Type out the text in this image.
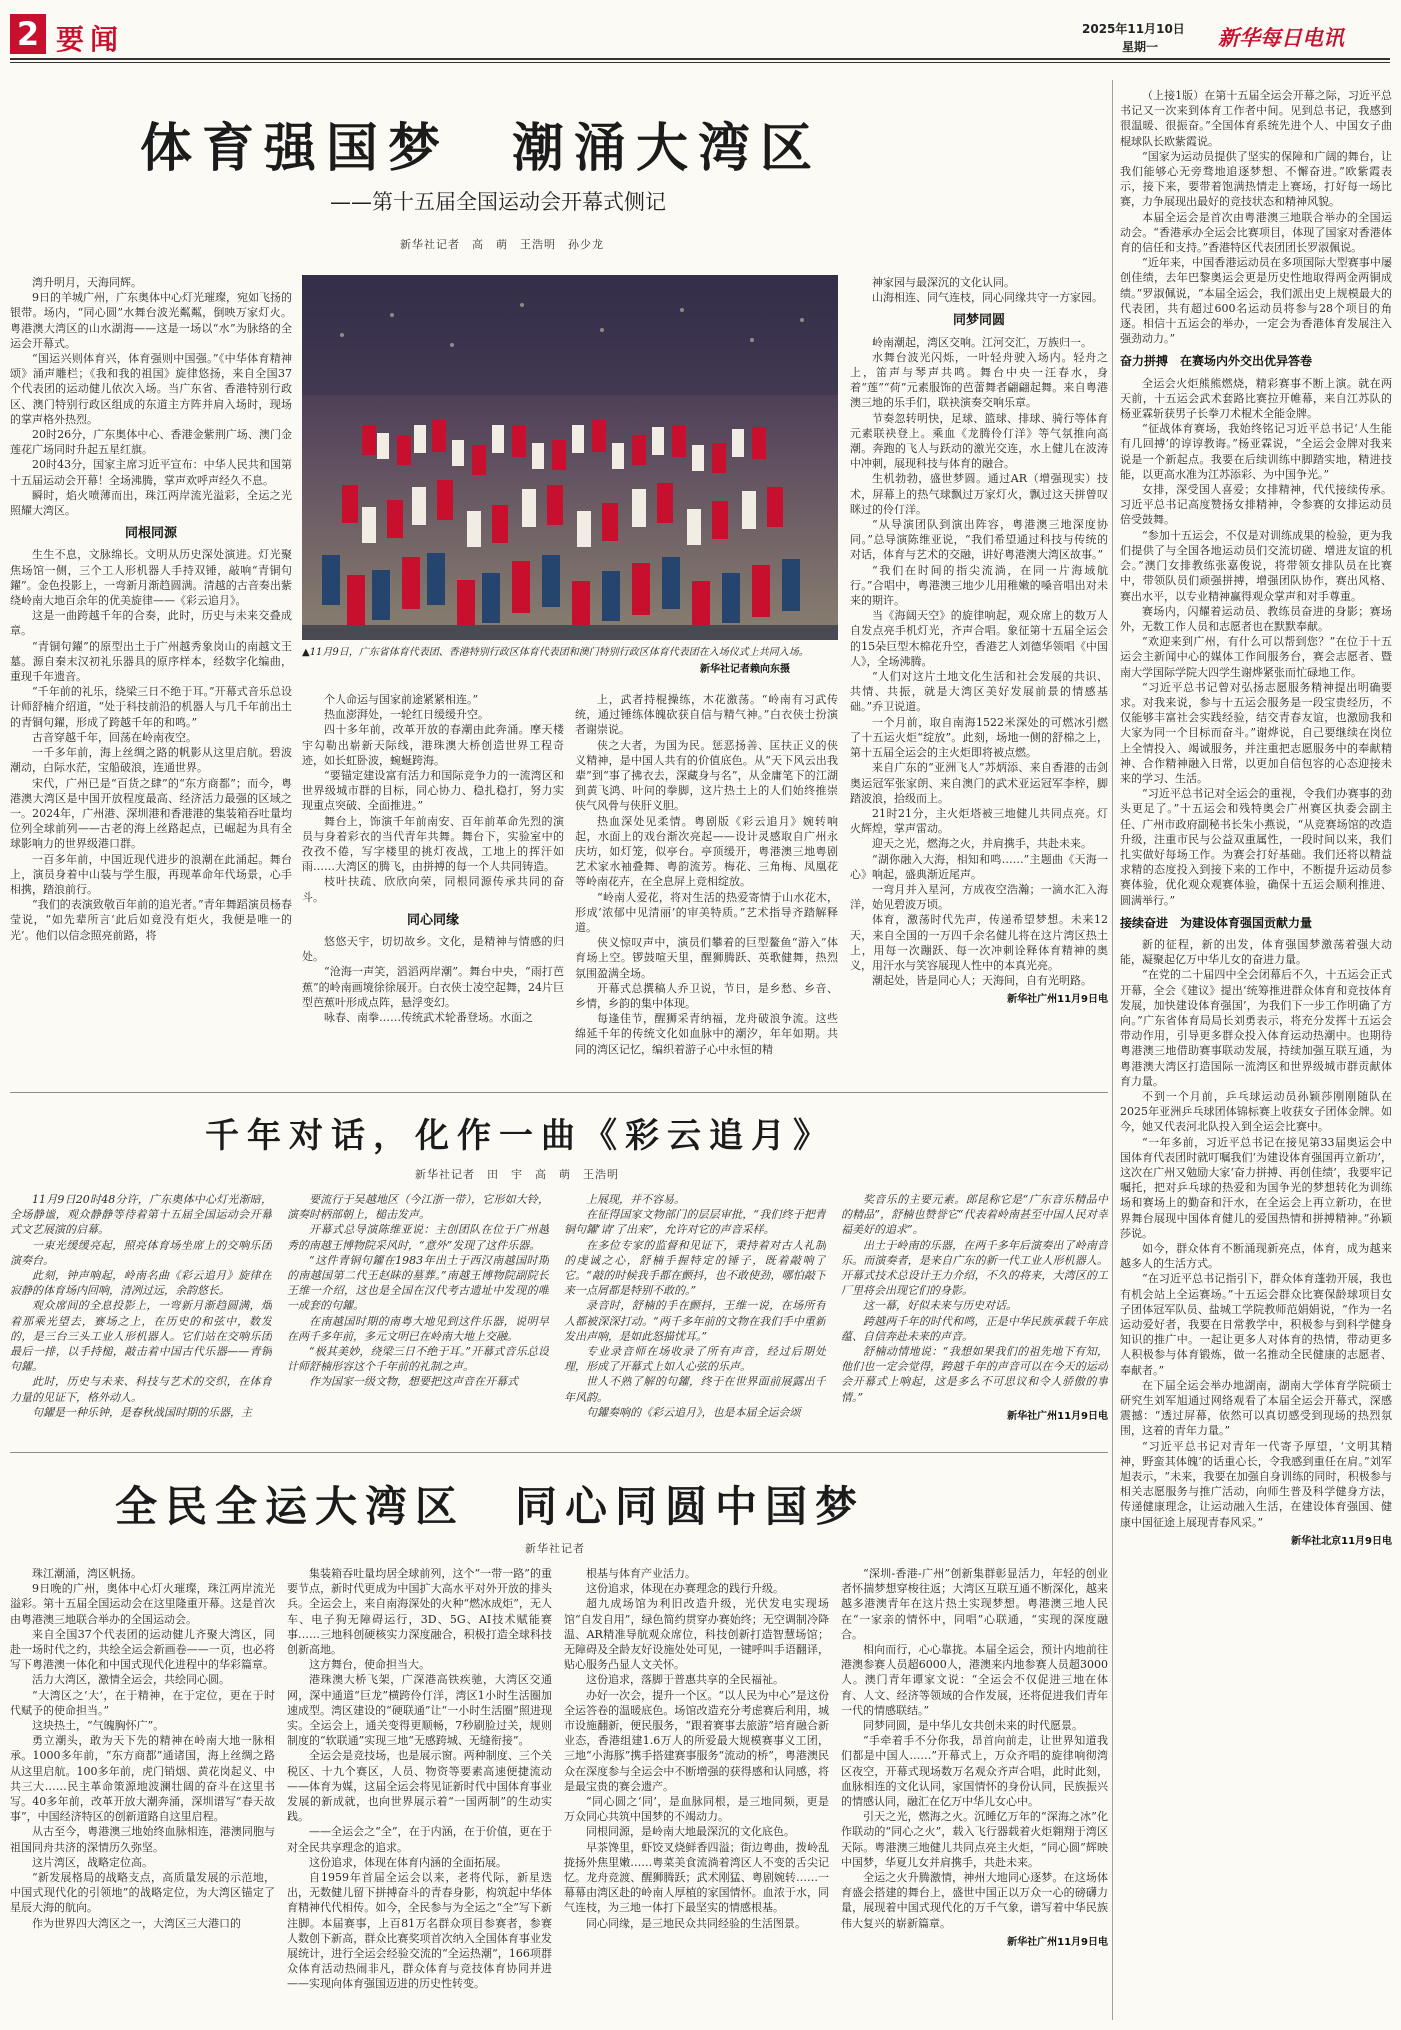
2 要闻	2025年11月10日
星期一	新华每日电讯
体育强国梦　潮涌大湾区
——第十五届全国运动会开幕式侧记
新华社记者　高　萌　王浩明　孙少龙
▲11月9日，广东省体育代表团、香港特别行政区体育代表团和澳门特别行政区体育代表团在入场仪式上共同入场。
新华社记者赖向东摄

湾升明月，天海同辉。

9日的羊城广州，广东奥体中心灯光璀璨，宛如飞扬的银带。场内，“同心圆”水舞台波光粼粼，倒映万家灯火。粤港澳大湾区的山水湖海——这是一场以“水”为脉络的全运会开幕式。

“国运兴则体育兴，体育强则中国强。”《中华体育精神颂》涌声雕栏；《我和我的祖国》旋律悠扬，来自全国37个代表团的运动健儿依次入场。当广东省、香港特别行政区、澳门特别行政区组成的东道主方阵并肩入场时，现场的掌声格外热烈。

20时26分，广东奥体中心、香港金紫荆广场、澳门金莲花广场同时升起五星红旗。

20时43分，国家主席习近平宣布：中华人民共和国第十五届运动会开幕！全场沸腾，掌声欢呼声经久不息。

瞬时，焰火喷薄而出，珠江两岸流光溢彩，全运之光照耀大湾区。

同根同源

生生不息，文脉绵长。文明从历史深处演进。灯光聚焦场馆一侧，三个工人形机器人手持双锤，敲响“青铜句鑃”。金色投影上，一弯新月渐趋圆满。清越的古音奏出紫绕岭南大地百余年的优美旋律——《彩云追月》。

这是一曲跨越千年的合奏，此时，历史与未来交叠成章。

“青铜句鑃”的原型出土于广州越秀象岗山的南越文王墓。源自秦末汉初礼乐器具的原序样本，经数字化编曲，重现千年遗音。

“千年前的礼乐，绕梁三日不绝于耳。”开幕式音乐总设计师舒楠介绍道，“处于科技前沿的机器人与几千年前出土的青铜句鑃，形成了跨越千年的和鸣。”

古音穿越千年，回荡在岭南夜空。

一千多年前，海上丝绸之路的帆影从这里启航。碧波潮动，白际水茫，宝船破浪，连通世界。

宋代，广州已是“百货之肆”的“东方商都”；而今，粤港澳大湾区是中国开放程度最高、经济活力最强的区域之一。2024年，广州港、深圳港和香港港的集装箱吞吐量均位列全球前列——古老的海上丝路起点，已崛起为具有全球影响力的世界级港口群。

一百多年前，中国近现代进步的浪潮在此涌起。舞台上，演员身着中山装与学生服，再现革命年代场景，心手相携，踏浪前行。

“我们的表演致敬百年前的追光者。”青年舞蹈演员杨春莹说，“如先辈所言‘此后如竟没有炬火，我便是唯一的光’。他们以信念照亮前路，将

个人命运与国家前途紧紧相连。”

热血澎湃处，一轮红日缓缓升空。

四十多年前，改革开放的春潮由此奔涌。摩天楼宇勾勒出崭新天际线，港珠澳大桥创造世界工程奇迹，如长虹卧波，蜿蜒跨海。

“要锚定建设富有活力和国际竞争力的一流湾区和世界级城市群的目标，同心协力、稳扎稳打，努力实现重点突破、全面推进。”

舞台上，饰演千年前南安、百年前革命先烈的演员与身着彩衣的当代青年共舞。舞台下，实验室中的孜孜不倦，写字楼里的挑灯夜战，工地上的挥汗如雨……大湾区的腾飞，由拼搏的每一个人共同铸造。

枝叶扶疏、欣欣向荣，同根同源传承共同的奋斗。

同心同缘

悠悠天宇，切切故乡。文化，是精神与情感的归处。

“沧海一声笑，滔滔两岸潮”。舞台中央，“雨打芭蕉”的岭南画境徐徐展开。白衣侠士凌空起舞，24片巨型芭蕉叶形成点阵，悬浮变幻。

咏春、南拳……传统武术轮番登场。水面之

上，武者持棍操练，木花激荡。“岭南有习武传统，通过锤练体魄砍获自信与精气神。”白衣侠士扮演者谢崇说。

侠之大者，为国为民。惩恶扬善、匡扶正义的侠义精神，是中国人共有的价值底色。从“天下风云出我辈”到“事了拂衣去，深藏身与名”，从金庸笔下的江湖到黄飞鸿、叶问的拳脚，这片热土上的人们始终推崇侠气风骨与侠肝义胆。

热血深处见柔情。粤剧版《彩云追月》婉转响起，水面上的戏台渐次亮起——设计灵感取自广州永庆坊，如灯笼，似亭台。亭顶缓开，粤港澳三地粤剧艺术家水袖叠舞、粤韵流芳。梅花、三角梅、凤凰花等岭南花卉，在全息屏上竞相绽放。

“岭南人爱花，将对生活的热爱寄情于山水花木，形成‘浓郁中见清丽’的审美特质。”艺术指导齐踏解释道。

侠义惊叹声中，演员们攀着的巨型鳌鱼“游入”体育场上空。锣鼓喧天里，醒狮腾跃、英歌健舞，热烈氛围盈满全场。

开幕式总撰稿人乔卫说，节日，是乡愁、乡音、乡情，乡韵的集中体现。

每逢佳节，醒狮采青纳福，龙舟破浪争流。这些绵延千年的传统文化如血脉中的潮汐，年年如期。共同的湾区记忆，编织着游子心中永恒的精

神家园与最深沉的文化认同。

山海相连、同气连枝，同心同缘共守一方家园。

同梦同圆

岭南潮起，湾区交响。江河交汇，万族归一。

水舞台波光闪烁，一叶轻舟驶入场内。轻舟之上，笛声与琴声共鸣。舞台中央一汪春水，身着“莲”“荷”元素服饰的芭蕾舞者翩翩起舞。来自粤港澳三地的乐手们，联袂演奏交响乐章。

节奏忽转明快，足球、篮球、排球、骑行等体育元素联袂登上。乘血《龙腾伶仃洋》等气氛推向高潮。奔跑的飞人与跃动的激光交连，水上健儿在波涛中冲刺，展现科技与体育的融合。

生机勃勃，盛世梦圆。通过AR（增强现实）技术，屏幕上的热气球飘过万家灯火，飘过这天拼曾叹眯过的伶仃洋。

“从导演团队到演出阵容，粤港澳三地深度协同。”总导演陈维亚说，“我们希望通过科技与传统的对话，体育与艺术的交融，讲好粤港澳大湾区故事。”

“我们在时间的指尖流淌，在同一片海域航行。”合唱中，粤港澳三地少儿用稚嫩的嗓音唱出对未来的期许。

当《海阔天空》的旋律响起，观众席上的数万人自发点亮手机灯光，齐声合唱。象征第十五届全运会的15朵巨型木棉花升空，香港艺人刘德华领唱《中国人》，全场沸腾。

“人们对这片土地文化生活和社会发展的共识、共情、共振，就是大湾区美好发展前景的情感基础。”乔卫说道。

一个月前，取自南海1522米深处的可燃冰引燃了十五运火炬“绽放”。此刻，场地一侧的舒棉之上，第十五届全运会的主火炬即将被点燃。

来自广东的“亚洲飞人”苏炳添、来自香港的击剑奥运冠军张家朗、来自澳门的武术亚运冠军李梓，脚踏波浪，拾级而上。

21时21分，主火炬塔被三地健儿共同点亮。灯火辉煌，掌声雷动。

迎天之光，燃海之火，并肩携手，共赴未来。

“湖你融入大海，相知和鸣……”主题曲《天海一心》响起，盛典渐近尾声。

一弯月并入星河，方成夜空浩瀚；一滴水汇入海洋，始见碧波万顷。

体育，激荡时代先声，传递希望梦想。未来12天，来自全国的一万四千余名健儿将在这片湾区热土上，用每一次蹦跃、每一次冲刺诠释体育精神的奥义，用汗水与笑容展现人性中的本真光亮。

潮起处，皆是同心人；天海间，自有光明路。

新华社广州11月9日电

（上接1版）在第十五届全运会开幕之际，习近平总书记又一次来到体育工作者中间。见到总书记，我感到很温暖、很振奋。”全国体育系统先进个人、中国女子曲棍球队长欧紫霞说。

“国家为运动员提供了坚实的保障和广阔的舞台，让我们能够心无旁骛地追逐梦想、不懈奋进。”欧紫霞表示，接下来，要带着饱满热情走上赛场，打好每一场比赛，力争展现出最好的竞技状态和精神风貌。

本届全运会是首次由粤港澳三地联合举办的全国运动会。“香港承办全运会比赛项目，体现了国家对香港体育的信任和支持。”香港特区代表团团长罗淑佩说。

“近年来，中国香港运动员在多项国际大型赛事中屡创佳绩，去年巴黎奥运会更是历史性地取得两金两铜成绩。”罗淑佩说，“本届全运会，我们派出史上规模最大的代表团，共有超过600名运动员将参与28个项目的角逐。相信十五运会的举办，一定会为香港体育发展注入强劲动力。”

奋力拼搏　在赛场内外交出优异答卷

全运会火炬熊熊燃烧，精彩赛事不断上演。就在两天前，十五运会武术套路比赛拉开帷幕，来自江苏队的杨亚霖斩获男子长拳刀术棍术全能金牌。

“征战体育赛场，我始终铭记习近平总书记‘人生能有几回搏’的谆谆教诲。”杨亚霖说，“全运会金牌对我来说是一个新起点。我要在后续训练中脚踏实地，精进技能，以更高水准为江苏添彩、为中国争光。”

女排，深受国人喜爱；女排精神，代代接续传承。习近平总书记高度赞扬女排精神，令参赛的女排运动员倍受鼓舞。

“参加十五运会，不仅是对训练成果的检验，更为我们提供了与全国各地运动员们交流切磋、增进友谊的机会。”澳门女排教练张嘉俊说，将带领女排队员在比赛中，带领队员们顽强拼搏，增强团队协作，赛出风格、赛出水平，以专业精神赢得观众掌声和对手尊重。

赛场内，闪耀着运动员、教练员奋进的身影；赛场外，无数工作人员和志愿者也在默默奉献。

“欢迎来到广州，有什么可以帮到您？”在位于十五运会主新闻中心的媒体工作间服务台，赛会志愿者、暨南大学国际学院大四学生谢烨紧张而忙碌地工作。

“习近平总书记曾对弘扬志愿服务精神提出明确要求。对我来说，参与十五运会服务是一段宝贵经历，不仅能够丰富社会实践经验，结交青春友谊，也激励我和大家为同一个目标而奋斗。”谢烨说，自己要继续在岗位上全情投入、竭诚服务，并注重把志愿服务中的奉献精神、合作精神融入日常，以更加自信包容的心态迎接未来的学习、生活。

“习近平总书记对全运会的重视，令我们办赛事的劲头更足了。”十五运会和残特奥会广州赛区执委会副主任、广州市政府副秘书长朱小燕说，“从竞赛场馆的改造升级，注重市民与公益双重属性，一段时间以来，我们扎实做好每场工作。为赛会打好基础。我们还将以精益求精的态度投入到接下来的工作中，不断提升运动员参赛体验，优化观众观赛体验，确保十五运会顺利推进、圆满举行。”

接续奋进　为建设体育强国贡献力量

新的征程，新的出发，体育强国梦激荡着强大动能，凝聚起亿万中华儿女的奋进力量。

“在党的二十届四中全会闭幕后不久，十五运会正式开幕，全会《建议》提出‘统筹推进群众体育和竞技体育发展，加快建设体育强国’，为我们下一步工作明确了方向。”广东省体育局局长刘勇表示，将充分发挥十五运会带动作用，引导更多群众投入体育运动热潮中。也期待粤港澳三地借助赛事联动发展，持续加强互联互通，为粤港澳大湾区打造国际一流湾区和世界级城市群贡献体育力量。

不到一个月前，乒乓球运动员孙颖莎刚刚随队在2025年亚洲乒乓球团体锦标赛上收获女子团体金牌。如今，她又代表河北队投入到全运会比赛中。

“一年多前，习近平总书记在接见第33届奥运会中国体育代表团时就叮嘱我们‘为建设体育强国再立新功’，这次在广州又勉励大家‘奋力拼搏、再创佳绩’，我要牢记嘱托，把对乒乓球的热爱和为国争光的梦想转化为训练场和赛场上的勤奋和汗水，在全运会上再立新功，在世界舞台展现中国体育健儿的爱国热情和拼搏精神。”孙颖莎说。

如今，群众体育不断涌现新亮点，体育，成为越来越多人的生活方式。

“在习近平总书记指引下，群众体育蓬勃开展，我也有机会站上全运赛场。”十五运会群众比赛保龄球项目女子团体冠军队员、盐城工学院教师范娟娟说，“作为一名运动爱好者，我要在日常教学中，积极参与到科学健身知识的推广中。一起让更多人对体育的热情，带动更多人积极参与体育锻炼，做一名推动全民健康的志愿者、奉献者。”

在下届全运会举办地湖南，湖南大学体育学院硕士研究生刘军旭通过网络观看了本届全运会开幕式，深感震撼：“透过屏幕，依然可以真切感受到现场的热烈氛围，这着的青年力量。”

“习近平总书记对青年一代寄予厚望，‘文明其精神，野蛮其体魄’的话重心长，令我感到重任在肩。”刘军旭表示，“未来，我要在加强自身训练的同时，积极参与相关志愿服务与推广活动，向师生普及科学健身方法，传递健康理念，让运动融入生活，在建设体育强国、健康中国征途上展现青春风采。”

新华社北京11月9日电
千年对话，化作一曲《彩云追月》
新华社记者　田　宇　高　萌　王浩明

11月9日20时48分许，广东奥体中心灯光渐暗，全场静谧，观众静静等待着第十五届全国运动会开幕式文艺展演的启幕。

一束光缓缓亮起，照亮体育场坐席上的交响乐团演奏台。

此刻，钟声响起，岭南名曲《彩云追月》旋律在寂静的体育场内回响，清冽过远，余韵悠长。

观众席间的全息投影上，一弯新月渐趋圆满，烟着那乘光望去，赛场之上，在历史的和弦中，数发的，是三台三头工业人形机器人。它们站在交响乐团最后一排，以手持槌，敲击着中国古代乐器——青铜句鑃。

此时，历史与未来、科技与艺术的交织，在体育力量的见证下，格外动人。

句鑃是一种乐钟，是春秋战国时期的乐器，主

要流行于吴越地区（今江浙一带），它形如大铃，演奏时柄部朝上，槌击发声。

开幕式总导演陈维亚说：主创团队在位于广州越秀的南越王博物院采风时，“意外”发现了这件乐器。

“这件青铜句鑃在1983年出土于西汉南越国时期的南越国第二代王赵眛的墓葬。”南越王博物院副院长王维一介绍，这也是全国在汉代考古遗址中发现的唯一成套的句鑃。

在南越国时期的南粤大地见到这件乐器，说明早在两千多年前，多元文明已在岭南大地上交融。

“极其美妙，绕梁三日不绝于耳。”开幕式音乐总设计师舒楠形容这个千年前的礼制之声。

作为国家一级文物，想要把这声音在开幕式

上展现，并不容易。

在征得国家文物部门的层层审批，“我们终于把青铜句鑃‘请’了出来”，允许对它的声音采样。

在多位专家的监督和见证下，秉持着对古人礼制的虔诚之心，舒楠手握特定的锤子，既着敲响了它。“敲的时候我手都在颤抖，也不敢使劲，哪怕敲下来一点屑都是特别不敢的。”

录音时，舒楠的手在颤抖，王维一说，在场所有人都被深深打动。“两千多年前的文物在我们手中重新发出声响，是如此怒描忧耳。”

专业录音师在场收录了所有声音，经过后期处理，形成了开幕式上如人心弦的乐声。

世人不熟了解的句鑃，终于在世界面前展露出千年风韵。

句鑃奏响的《彩云追月》，也是本届全运会颂

奖音乐的主要元素。郎昆称它是“广东音乐精品中的精品”，舒楠也赞誉它“代表着岭南甚至中国人民对幸福美好的追求”。

出土于岭南的乐器，在两千多年后演奏出了岭南音乐。而演奏者，是来自广东的新一代工业人形机器人。开幕式技术总设计王力介绍，不久的将来，大湾区的工厂里将会出现它们的身影。

这一幕，好似未来与历史对话。

跨越两千年的时代和鸣，正是中华民族承载千年底蕴、自信奔赴未来的声音。

舒楠动情地说：“我想如果我们的祖先地下有知，他们也一定会觉得，跨越千年的声音可以在今天的运动会开幕式上响起，这是多么不可思议和令人骄傲的事情。”

新华社广州11月9日电
全民全运大湾区　同心同圆中国梦
新华社记者

珠江潮涌，湾区帆扬。

9日晚的广州，奥体中心灯火璀璨，珠江两岸流光溢彩。第十五届全国运动会在这里隆重开幕。这是首次由粤港澳三地联合举办的全国运动会。

来自全国37个代表团的运动健儿齐聚大湾区，同赴一场时代之约，共绘全运会新画卷——一页，也必将写下粤港澳一体化和中国式现代化进程中的华彩篇章。

活力大湾区，激情全运会，共绘同心圆。

“大湾区之‘大’，在于精神，在于定位，更在于时代赋予的使命担当。”

这块热土，“气魄胸怀广”。

勇立潮头，敢为天下先的精神在岭南大地一脉相承。1000多年前，“东方商都”通诸国，海上丝绸之路从这里启航。100多年前，虎门销烟、黄花岗起义、中共三大……民主革命策源地波澜壮阔的奋斗在这里书写。40多年前，改革开放大潮奔涌，深圳谱写“春天故事”，中国经济特区的创新道路自这里启程。

从古至今，粤港澳三地始终血脉相连，港澳同胞与祖国同舟共济的深情历久弥坚。

这片湾区，战略定位高。

“新发展格局的战略支点，高质量发展的示范地，中国式现代化的引领地”的战略定位，为大湾区锚定了星辰大海的航向。

作为世界四大湾区之一，大湾区三大港口的

集装箱吞吐量均居全球前列，这个“一带一路”的重要节点，新时代更成为中国扩大高水平对外开放的排头兵。全运会上，来自南海深处的火种“燃冰成炬”，无人车、电子狗无障碍运行，3D、5G、AI技术赋能赛事……三地科创硬核实力深度融合，积极打造全球科技创新高地。

这方舞台，使命担当大。

港珠澳大桥飞架，广深港高铁疾驰，大湾区交通网，深中通道“巨龙”横跨伶仃洋，湾区1小时生活圈加速成型。湾区建设的“硬联通”让“一小时生活圈”照进现实。全运会上，通关变得更顺畅，7秒刷脸过关，规则制度的“软联通”实现三地“无感跨城、无缝衔接”。

全运会是竞技场，也是展示窗。两种制度、三个关税区、十九个赛区，人员、物资等要素高速便捷流动——体育为媒，这届全运会将见证新时代中国体育事业发展的新成就，也向世界展示着“一国两制”的生动实践。

——全运会之“全”，在于内涵，在于价值，更在于对全民共享理念的追求。

这份追求，体现在体育内涵的全面拓展。

自1959年首届全运会以来，老将代际，新星迭出，无数健儿留下拼搏奋斗的青春身影，构筑起中华体育精神代代相传。如今，全民参与为全运之“全”写下新注脚。本届赛事，上百81万名群众项目参赛者，参赛人数创下新高，群众比赛奖项首次纳入全国体育事业发展统计，进行全运会经验交流的“全运热潮”，166项群众体育活动热闹非凡，群众体育与竞技体育协同并进——实现向体育强国迈进的历史性转变。

根基与体育产业活力。

这份追求，体现在办赛理念的践行升级。

超九成场馆为利旧改造升级，光伏发电实现场馆“自发自用”，绿色简约贯穿办赛始终；无空调制冷降温、AR精准导航观众席位，科技创新打造智慧场馆；无障碍及全龄友好设施处处可见，一键呼叫手语翻译，贴心服务凸显人文关怀。

这份追求，落脚于普惠共享的全民福祉。

办好一次会，提升一个区。“以人民为中心”是这份全运答卷的温暖底色。场馆改造充分考虑赛后利用，城市设施翻新，便民服务，“跟着赛事去旅游”培育融合新业态，香港组建1.6万人的所爱最大规模赛事义工团，三地“小海豚”携手搭建赛事服务“流动的桥”，粤港澳民众在深度参与全运会中不断增强的获得感和认同感，将是最宝贵的赛会遗产。

“同心圆之‘同’，是血脉同根，是三地同频，更是万众同心共筑中国梦的不竭动力。

同根同源，是岭南大地最深沉的文化底色。

早茶馋里，虾饺叉烧鲜香四溢；街边粤曲，拨岭乱拢扬外焦里嫩……粤菜美食流淌着湾区人不变的舌尖记忆。龙舟竞渡、醒狮腾跃；武术刚猛、粤剧婉转……一幕幕由湾区赴的岭南人厚植的家国情怀。血浓于水，同气连枝，为三地一体打下最坚实的情感根基。

同心同缘，是三地民众共同经验的生活图景。

“深圳-香港-广州”创新集群彰显活力，年轻的创业者怀揣梦想穿梭往返；大湾区互联互通不断深化，越来越多港澳青年在这片热土实现梦想。粤港澳三地人民在“一家亲的情怀中，同唱”心联通，“实现的深度融合。

相向而行，心心靠拢。本届全运会，预计内地前往港澳参赛人员超6000人，港澳来内地参赛人员超3000人。澳门青年谭家文说：“全运会不仅促进三地在体育、人文、经济等领域的合作发展，还将促进我们青年一代的情感联结。”

同梦同圆，是中华儿女共创未来的时代愿景。

“手牵着手不分你我，昂首向前走，让世界知道我们都是中国人……”开幕式上，万众齐唱的旋律响彻湾区夜空，开幕式现场数万名观众齐声合唱，此时此刻，血脉相连的文化认同，家国情怀的身份认同，民族振兴的情感认同，融汇在亿万中华儿女心中。

引天之光，燃海之火。沉睡亿万年的“深海之冰”化作联动的“同心之火”，载入飞行器载着火炬翱翔于湾区天际。粤港澳三地健儿共同点亮主火炬，“同心圆”辉映中国梦，华夏儿女并肩携手，共赴未来。

全运之火升腾激情，神州大地同心逐梦。在这场体育盛会搭建的舞台上，盛世中国正以万众一心的磅礴力量，展现着中国式现代化的万千气象，谱写着中华民族伟大复兴的崭新篇章。

新华社广州11月9日电
